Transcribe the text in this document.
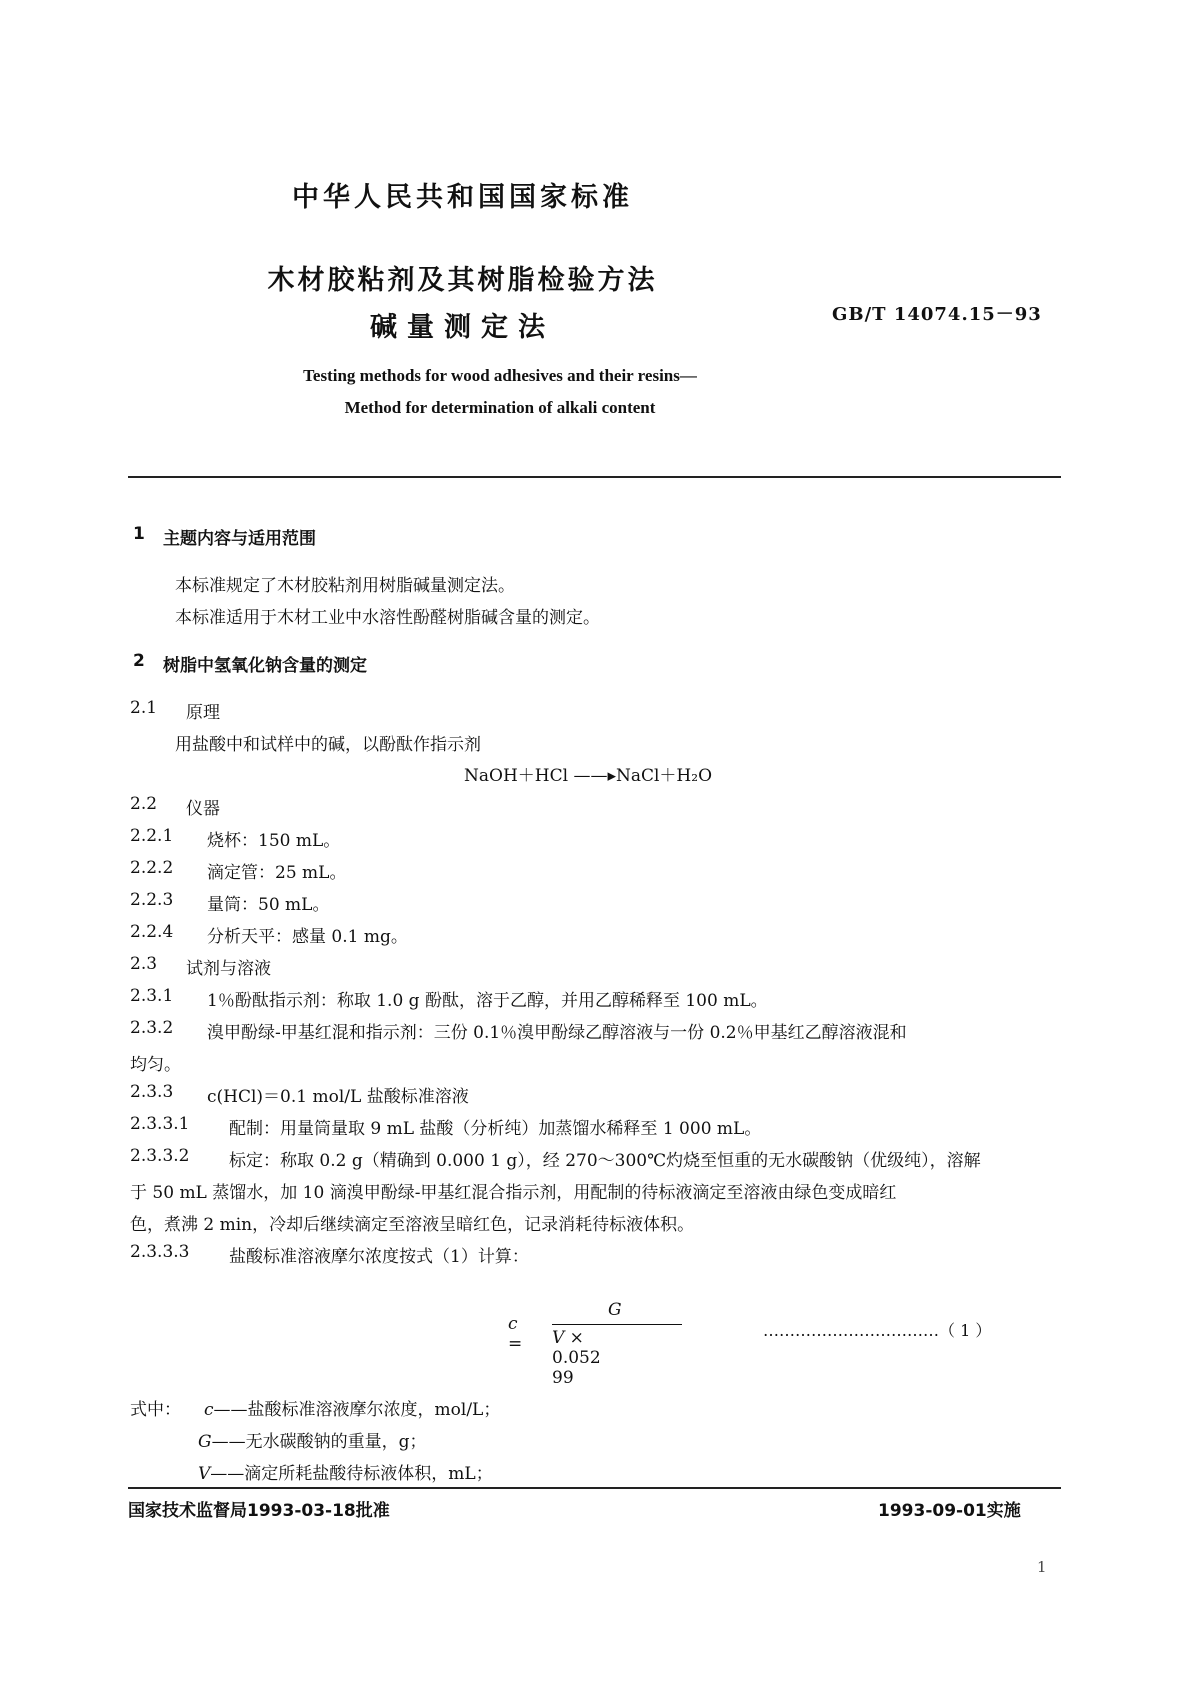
中华人民共和国国家标准
木材胶粘剂及其树脂检验方法
碱量测定法	GB/T 14074.15－93
Testing methods for wood adhesives and their resins—
Method for determination of alkali content
1 主题内容与适用范围
本标准规定了木材胶粘剂用树脂碱量测定法。
本标准适用于木材工业中水溶性酚醛树脂碱含量的测定。
2 树脂中氢氧化钠含量的测定
2.1 原理
用盐酸中和试样中的碱，以酚酞作指示剂
NaOH＋HCl ——▸NaCl＋H₂O
2.2 仪器
2.2.1 烧杯：150 mL。
2.2.2 滴定管：25 mL。
2.2.3 量筒：50 mL。
2.2.4 分析天平：感量 0.1 mg。
2.3 试剂与溶液
2.3.1 1％酚酞指示剂：称取 1.0 g 酚酞，溶于乙醇，并用乙醇稀释至 100 mL。
2.3.2 溴甲酚绿-甲基红混和指示剂：三份 0.1％溴甲酚绿乙醇溶液与一份 0.2％甲基红乙醇溶液混和
均匀。
2.3.3 c(HCl)＝0.1 mol/L 盐酸标准溶液
2.3.3.1 配制：用量筒量取 9 mL 盐酸（分析纯）加蒸馏水稀释至 1 000 mL。
2.3.3.2 标定：称取 0.2 g（精确到 0.000 1 g），经 270～300℃灼烧至恒重的无水碳酸钠（优级纯），溶解
于 50 mL 蒸馏水，加 10 滴溴甲酚绿-甲基红混合指示剂，用配制的待标液滴定至溶液由绿色变成暗红
色，煮沸 2 min，冷却后继续滴定至溶液呈暗红色，记录消耗待标液体积。
2.3.3.3 盐酸标准溶液摩尔浓度按式（1）计算：
c =
G
V × 0.052 99
……………………………（ 1 ）
式中： c——盐酸标准溶液摩尔浓度，mol/L；
G——无水碳酸钠的重量，g；
V——滴定所耗盐酸待标液体积，mL；
国家技术监督局1993-03-18批准	1993-09-01实施
1
